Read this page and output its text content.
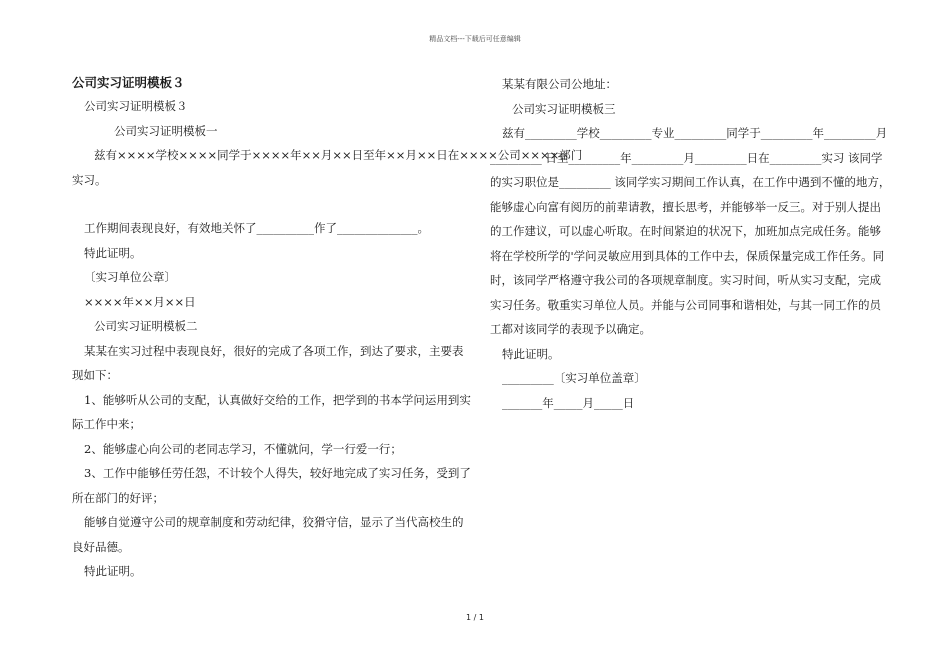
精品文档---下载后可任意编辑

公司实习证明模板３

公司实习证明模板３

公司实习证明模板一

兹有××××学校××××同学于××××年××月××日至年××月××日在××××公司××××部门

实习。

工作期间表现良好，有效地关怀了__________作了______________。

特此证明。

〔实习单位公章〕

××××年××月××日

公司实习证明模板二

某某在实习过程中表现良好，很好的完成了各项工作，到达了要求，主要表

现如下：

1、能够听从公司的支配，认真做好交给的工作，把学到的书本学问运用到实

际工作中来；

2、能够虚心向公司的老同志学习，不懂就问，学一行爱一行；

3、工作中能够任劳任怨，不计较个人得失，较好地完成了实习任务，受到了

所在部门的好评；

能够自觉遵守公司的规章制度和劳动纪律，狡猾守信，显示了当代高校生的

良好品德。

特此证明。

某某有限公司公地址：

公司实习证明模板三

兹有_________学校_________专业_________同学于_________年_________月

_________ 日至_________年_________月_________日在_________实习 该同学

的实习职位是_________ 该同学实习期间工作认真，在工作中遇到不懂的地方，

能够虚心向富有阅历的前辈请教，擅长思考，并能够举一反三。对于别人提出

的工作建议，可以虚心听取。在时间紧迫的状况下，加班加点完成任务。能够

将在学校所学的'学问灵敏应用到具体的工作中去，保质保量完成工作任务。同

时，该同学严格遵守我公司的各项规章制度。实习时间，听从实习支配，完成

实习任务。敬重实习单位人员。并能与公司同事和谐相处，与其一同工作的员

工都对该同学的表现予以确定。

特此证明。

_________〔实习单位盖章〕

_______年_____月_____日

1 / 1
